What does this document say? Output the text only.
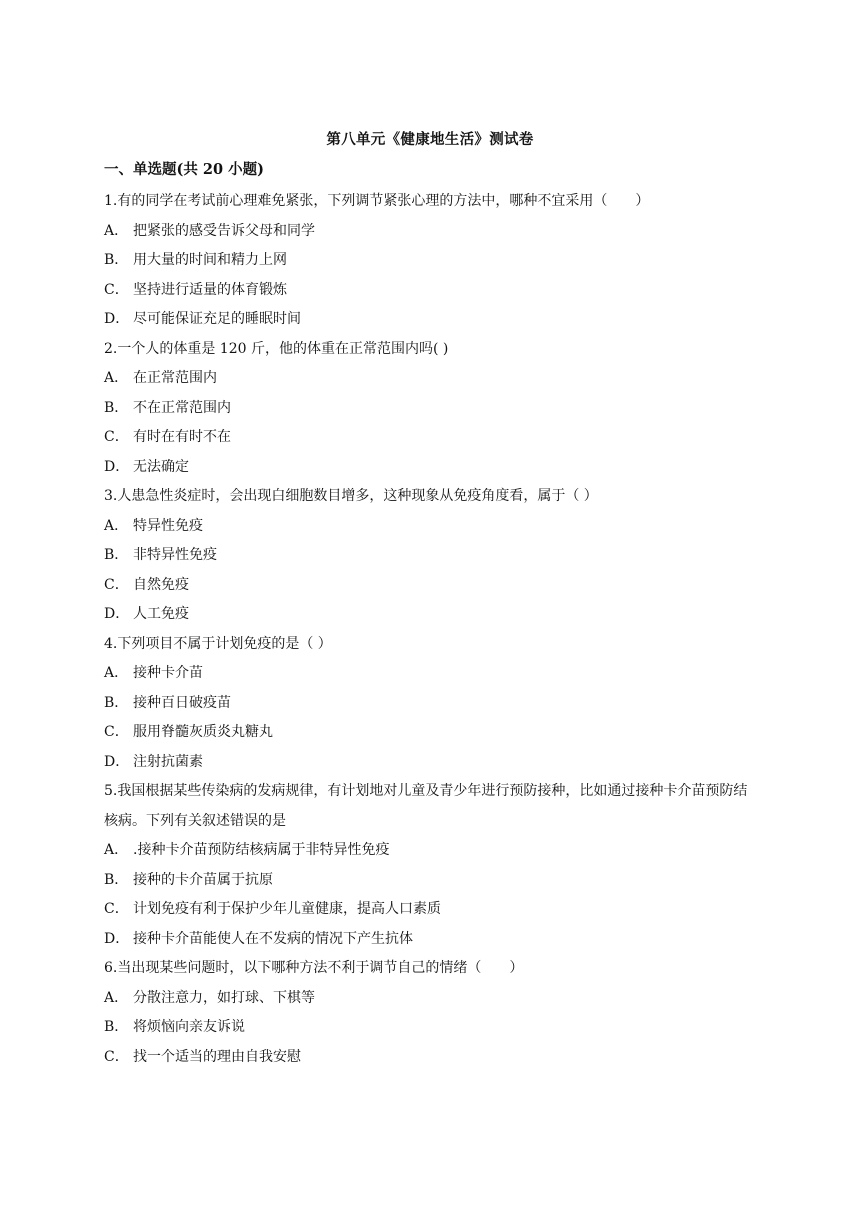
第八单元《健康地生活》测试卷
一、单选题(共 20 小题)
1.有的同学在考试前心理难免紧张，下列调节紧张心理的方法中，哪种不宜采用（　　）
A． 把紧张的感受告诉父母和同学
B． 用大量的时间和精力上网
C． 坚持进行适量的体育锻炼
D． 尽可能保证充足的睡眠时间
2.一个人的体重是 120 斤，他的体重在正常范围内吗( )
A． 在正常范围内
B． 不在正常范围内
C． 有时在有时不在
D． 无法确定
3.人患急性炎症时，会出现白细胞数目增多，这种现象从免疫角度看，属于（ ）
A． 特异性免疫
B． 非特异性免疫
C． 自然免疫
D． 人工免疫
4.下列项目不属于计划免疫的是（ ）
A． 接种卡介苗
B． 接种百日破疫苗
C． 服用脊髓灰质炎丸糖丸
D． 注射抗菌素
5.我国根据某些传染病的发病规律，有计划地对儿童及青少年进行预防接种，比如通过接种卡介苗预防结核病。下列有关叙述错误的是
A． .接种卡介苗预防结核病属于非特异性免疫
B． 接种的卡介苗属于抗原
C． 计划免疫有利于保护少年儿童健康，提高人口素质
D． 接种卡介苗能使人在不发病的情况下产生抗体
6.当出现某些问题时，以下哪种方法不利于调节自己的情绪（　　）
A． 分散注意力，如打球、下棋等
B． 将烦恼向亲友诉说
C． 找一个适当的理由自我安慰
